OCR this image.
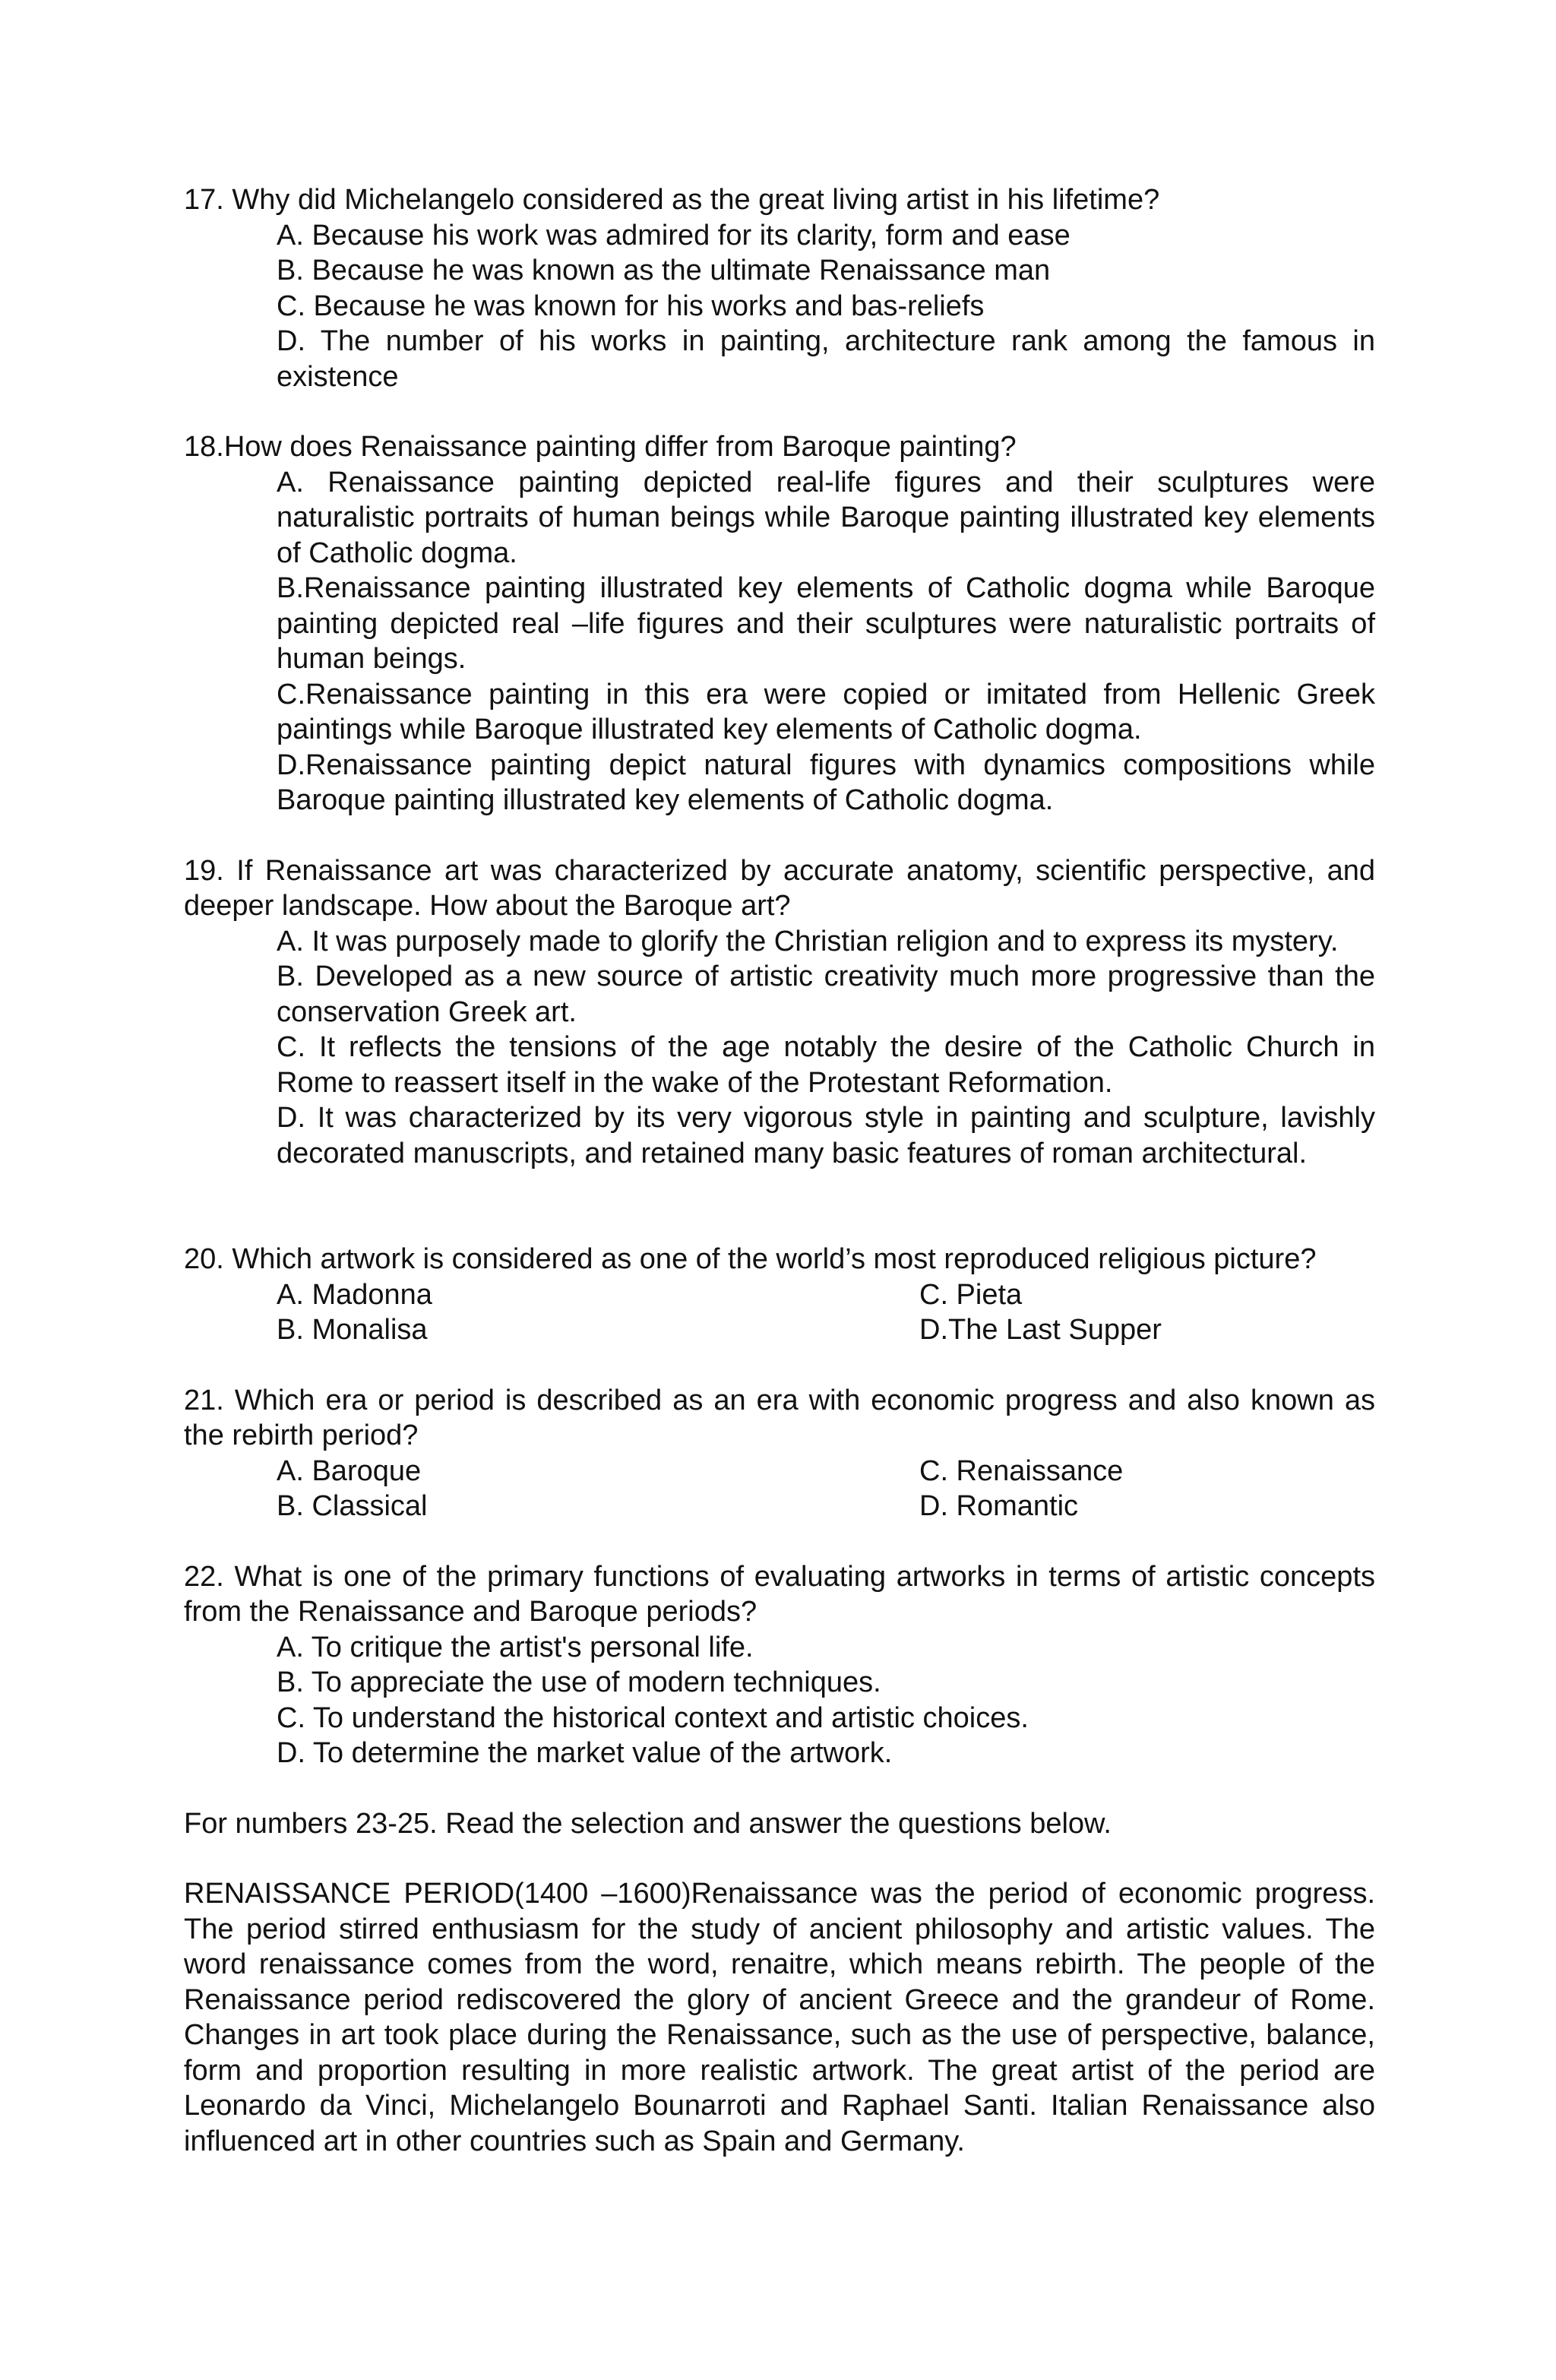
17. Why did Michelangelo considered as the great living artist in his lifetime?

A. Because his work was admired for its clarity, form and ease

B. Because he was known as the ultimate Renaissance man

C. Because he was known for his works and bas-reliefs

D. The number of his works in painting, architecture rank among the famous in existence

18.How does Renaissance painting differ from Baroque painting?

A. Renaissance painting depicted real-life figures and their sculptures were naturalistic portraits of human beings while Baroque painting illustrated key elements of Catholic dogma.

B.Renaissance painting illustrated key elements of Catholic dogma while Baroque painting depicted real –life figures and their sculptures were naturalistic portraits of human beings.

C.Renaissance painting in this era were copied or imitated from Hellenic Greek paintings while Baroque illustrated key elements of Catholic dogma.

D.Renaissance painting depict natural figures with dynamics compositions while Baroque painting illustrated key elements of Catholic dogma.

19. If Renaissance art was characterized by accurate anatomy, scientific perspective, and deeper landscape. How about the Baroque art?

A. It was purposely made to glorify the Christian religion and to express its mystery.

B. Developed as a new source of artistic creativity much more progressive than the conservation Greek art.

C. It reflects the tensions of the age notably the desire of the Catholic Church in Rome to reassert itself in the wake of the Protestant Reformation.

D. It was characterized by its very vigorous style in painting and sculpture, lavishly decorated manuscripts, and retained many basic features of roman architectural.

20. Which artwork is considered as one of the world’s most reproduced religious picture?

A. Madonna	C. Pieta
B. Monalisa	D.The Last Supper

21. Which era or period is described as an era with economic progress and also known as the rebirth period?

A. Baroque	C. Renaissance
B. Classical	D. Romantic

22. What is one of the primary functions of evaluating artworks in terms of artistic concepts from the Renaissance and Baroque periods?

A. To critique the artist's personal life.

B. To appreciate the use of modern techniques.

C. To understand the historical context and artistic choices.

D. To determine the market value of the artwork.

For numbers 23-25. Read the selection and answer the questions below.

RENAISSANCE PERIOD(1400 –1600)Renaissance was the period of economic progress. The period stirred enthusiasm for the study of ancient philosophy and artistic values. The word renaissance comes from the word, renaitre, which means rebirth. The people of the Renaissance period rediscovered the glory of ancient Greece and the grandeur of Rome. Changes in art took place during the Renaissance, such as the use of perspective, balance, form and proportion resulting in more realistic artwork. The great artist of the period are Leonardo da Vinci, Michelangelo Bounarroti and Raphael Santi. Italian Renaissance also influenced art in other countries such as Spain and Germany.
